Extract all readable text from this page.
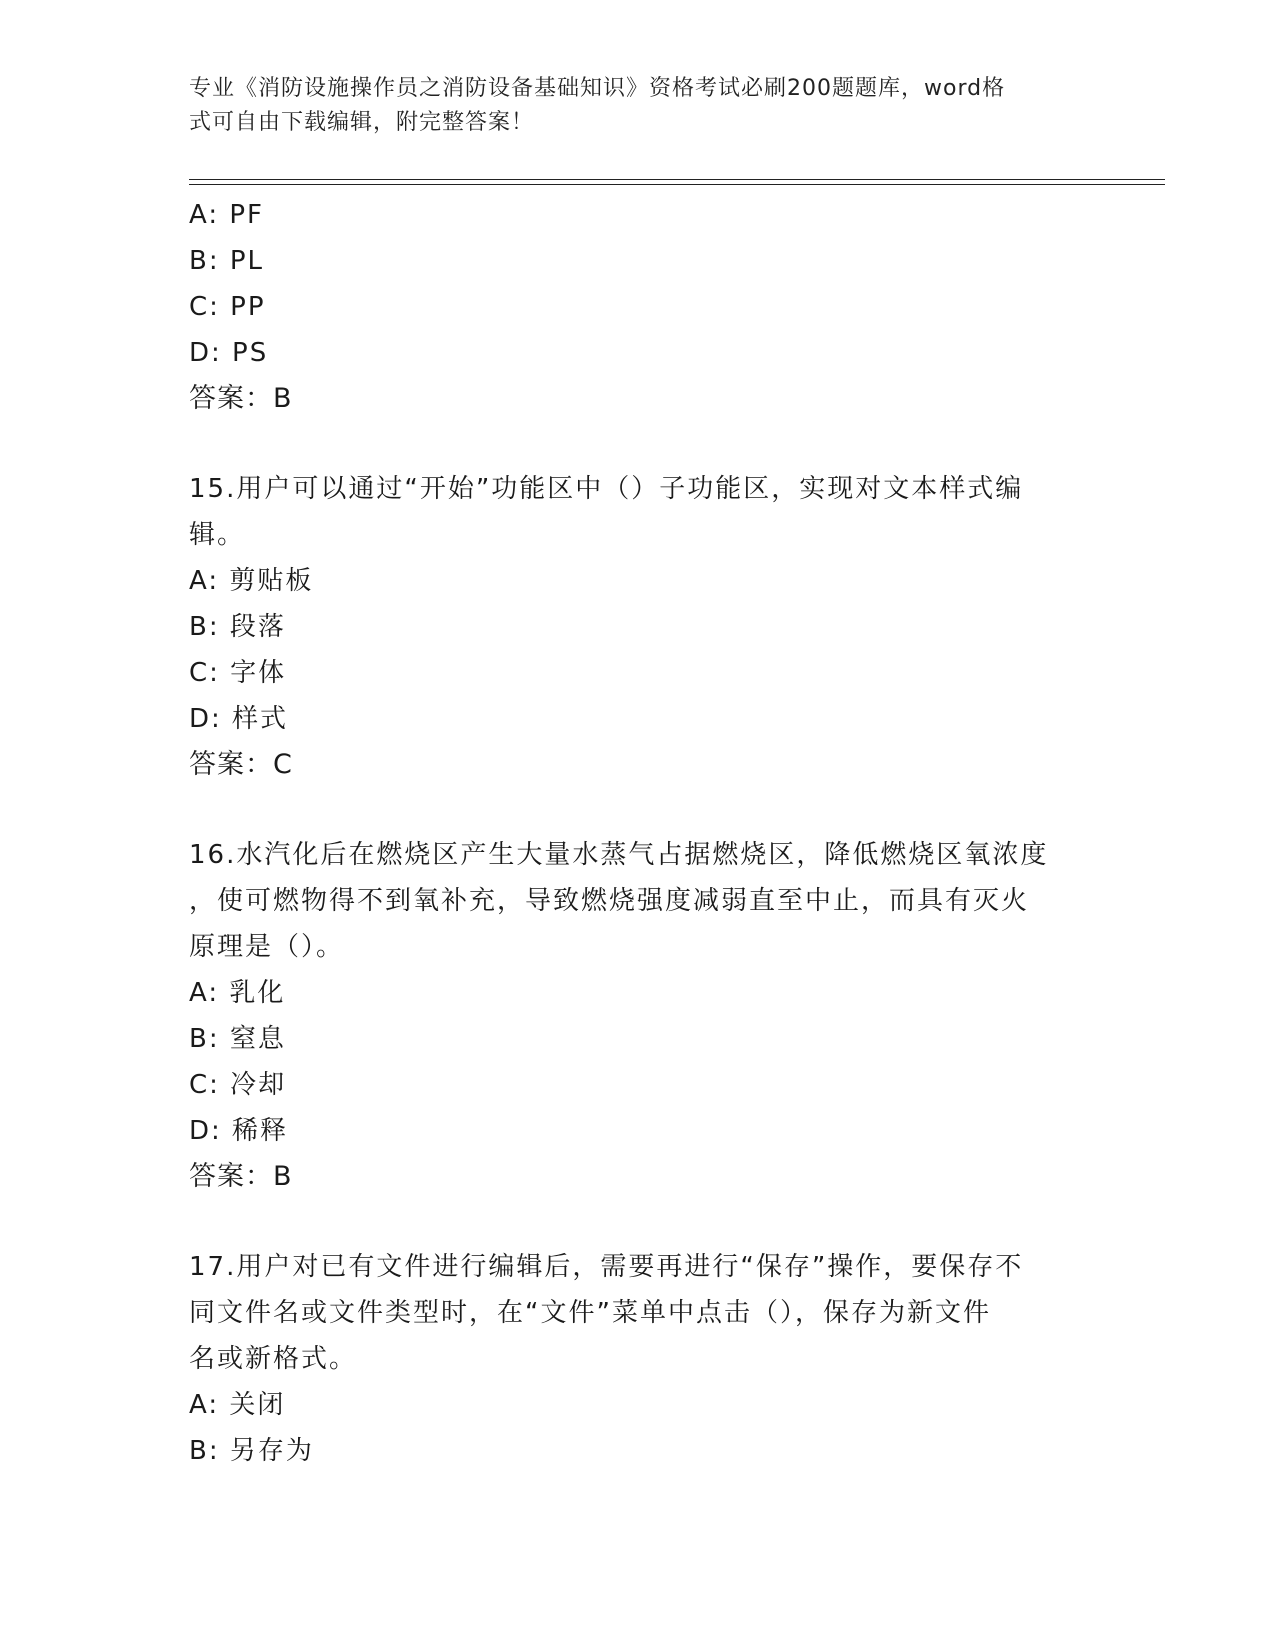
专业《消防设施操作员之消防设备基础知识》资格考试必刷200题题库，word格
式可自由下载编辑，附完整答案！
A: PF
B: PL
C: PP
D: PS
答案：B
15.用户可以通过“开始”功能区中（）子功能区，实现对文本样式编
辑。
A: 剪贴板
B: 段落
C: 字体
D: 样式
答案：C
16.水汽化后在燃烧区产生大量水蒸气占据燃烧区，降低燃烧区氧浓度
，使可燃物得不到氧补充，导致燃烧强度减弱直至中止，而具有灭火
原理是（）。
A: 乳化
B: 窒息
C: 冷却
D: 稀释
答案：B
17.用户对已有文件进行编辑后，需要再进行“保存”操作，要保存不
同文件名或文件类型时，在“文件”菜单中点击（），保存为新文件
名或新格式。
A: 关闭
B: 另存为
